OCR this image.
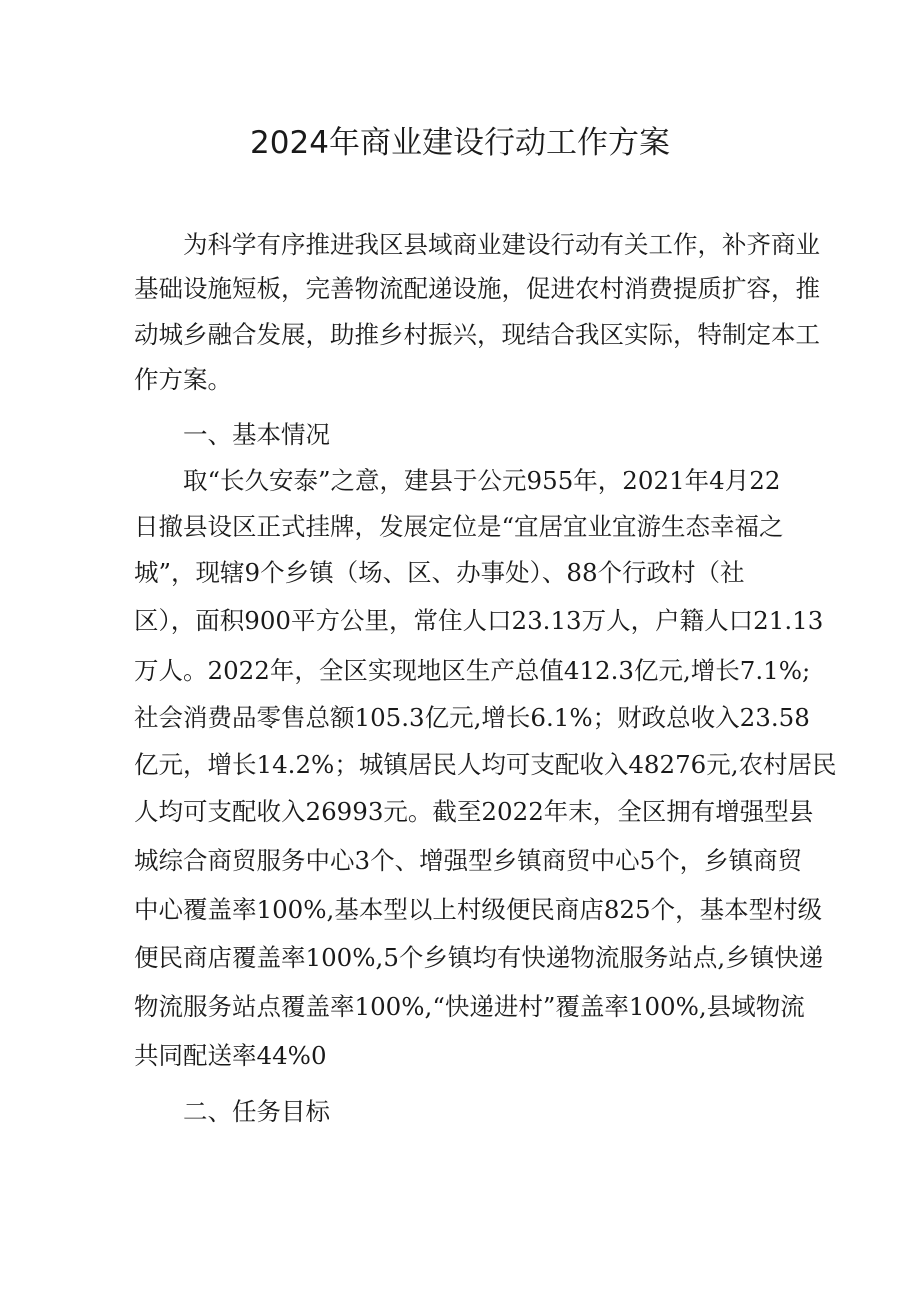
2024年商业建设行动工作方案
为科学有序推进我区县域商业建设行动有关工作，补齐商业
基础设施短板，完善物流配递设施，促进农村消费提质扩容，推
动城乡融合发展，助推乡村振兴，现结合我区实际，特制定本工
作方案。
一、基本情况
取“长久安泰”之意，建县于公元955年，2021年4月22
日撤县设区正式挂牌，发展定位是“宜居宜业宜游生态幸福之
城”，现辖9个乡镇（场、区、办事处）、88个行政村（社
区），面积900平方公里，常住人口23.13万人，户籍人口21.13
万人。2022年，全区实现地区生产总值412.3亿元,增长7.1%;
社会消费品零售总额105.3亿元,增长6.1%；财政总收入23.58
亿元，增长14.2%；城镇居民人均可支配收入48276元,农村居民
人均可支配收入26993元。截至2022年末，全区拥有增强型县
城综合商贸服务中心3个、增强型乡镇商贸中心5个，乡镇商贸
中心覆盖率100%,基本型以上村级便民商店825个，基本型村级
便民商店覆盖率100%,5个乡镇均有快递物流服务站点,乡镇快递
物流服务站点覆盖率100%,“快递进村”覆盖率100%,县域物流
共同配送率44%0
二、任务目标
